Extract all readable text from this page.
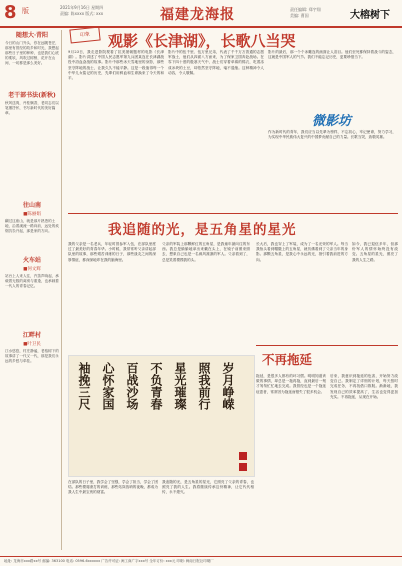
8 版	2021年9月16日 星期四
责编: 陈xxxx 版式: xxx	福建龙海报	责任编辑: 郑宇翔
美编: 曹国	大榕树下
随想大·青阳
今日的山门外头，你在远眺苍茫，那里有曾经的故乡和时光，我想起那些日子里的种种，也是我们心底的柔软，风吹过树梢，花开在山间，一切都是那么美好。
老干部书法(新秋)
秋风送爽，丹桂飘香，老同志们以笔墨抒怀，书写新时代的美好篇章。
往山南
■陈丽娟
翻过这座山，就是那片熟悉的土地，沿着溪流一路向前，远处的炊烟袅袅升起，那是家的方向。
火车站
■何文辉
站台上人来人往，汽笛声响起，承载着无数的离别与重逢，也承载着一代人的青春记忆。
江畔村
■叶卫民
江水悠悠，村庄静谧，老榕树下的故事讲了一代又一代，那是我们永远的乡愁与牵挂。
印象	观影《长津湖》，长歌八当哭
9月23日，我走进影院观看了抗美援朝题材的电影《长津湖》。影片讲述了中国人民志愿军第九兵团某连在长津湖战役中浴血奋战的故事。影片中那些冰天雪地里的身影，那些坚守阵地的战士，让我久久不能平静。这是一段值得每一个中华儿女铭记的历史，先辈们用鲜血和生命换来了今天的和平。
影片中的伍千里、伍万里兄弟，代表了千千万万普通的志愿军战士，他们从四面八方而来，为了保家卫国奔赴战场。在零下四十度的极寒天气中，战士们穿着单薄的棉衣，吃着冻成冰块的土豆，却依然坚守阵地，毫不退缩。这种精神令人动容，令人敬佩。
影片的最后，那一个个冰雕连的画面让人泪目。他们至死都保持着战斗的姿态，这就是中国军人的气节。我们不能忘记历史，更要珍惜当下。
微影坊
作为新时代的青年，我们应当以先辈为榜样，不忘初心，牢记使命，努力学习，为实现中华民族伟大复兴的中国梦贡献自己的力量。长歌当哭，致敬英雄。
我追随的光，是五角星的星光
我的父亲是一名老兵，年轻时曾参军入伍，在部队里度过了最美好的青春年华。小时候，我常常听父亲讲起部队里的故事，那些艰苦训练的日子，那些战友之间的深厚情谊，都深深地印在我的脑海里。
父亲的军装上那颗鲜红的五角星，是我童年最向往的东西。我总是偷偷地拿出来戴在头上，在镜子前照来照去，想象自己也是一名威风凛凛的军人。父亲看到了，总是笑着摸摸我的头。
长大后，我也穿上了军装，成为了一名光荣的军人。每当我抬头看到帽徽上的五角星，就仿佛看到了父亲当年的身影。那颗五角星，是我心中永远的光，指引着我前进的方向。
如今，我已退伍多年，但那份军人的情怀始终没有改变。五角星的星光，照亮了我的人生之路。
袖挽三尺 心怀家国 百战沙场 不负青春 星光璀璨 照我前行 岁月峥嵘
在部队的日子里，我学会了坚强，学会了担当，学会了团结。那些摸爬滚打的训练，那些站岗放哨的夜晚，都成为我人生中最宝贵的财富。
我追随的光，是五角星的星光，它照亮了父亲的青春，也照亮了我的人生。我将继续传承这份精神，让它代代相传，永不熄灭。
不再拖延
拖延，是很多人都有的坏习惯。明明知道该做的事情，却总是一拖再拖，直到最后一刻才匆匆忙忙地去完成。我曾经也是一个拖延症患者，常常因为拖延而错失了很多机会。
后来，我意识到拖延的危害，开始努力改变自己。我制定了详细的计划，每天按时完成任务，不再找借口推脱。渐渐地，我发现自己的效率提高了，生活也变得更加充实。不再拖延，从现在开始。
地址: 龙海市xxx路xx号 邮编: 363100 电话: 0596-6xxxxxx 广告许可证: 闽工商广字xxx号 全年订价: xxx元 印刷: 闽南日报社印刷厂
